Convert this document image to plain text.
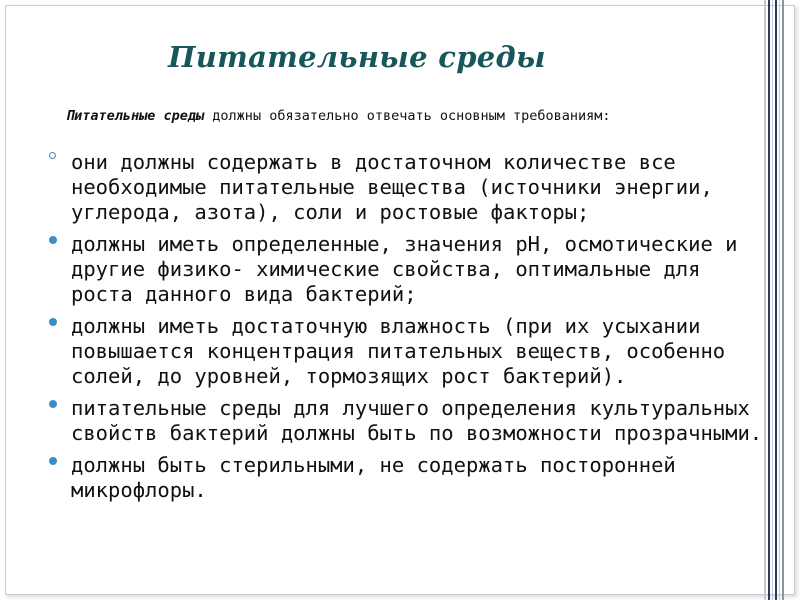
Питательные среды
Питательные среды должны обязательно отвечать основным требованиям:
они должны содержать в достаточном количестве все необходимые питательные вещества (источники энергии, углерода, азота), соли и ростовые факторы;
должны иметь определенные, значения рН, осмотические и другие физико- химические свойства, оптимальные для роста данного вида бактерий;
должны иметь достаточную влажность (при их усыхании повышается концентрация питательных веществ, особенно солей, до уровней, тормозящих рост бактерий).
питательные среды для лучшего определения культуральных свойств бактерий должны быть по возможности прозрачными.
должны быть стерильными, не содержать посторонней микрофлоры.
